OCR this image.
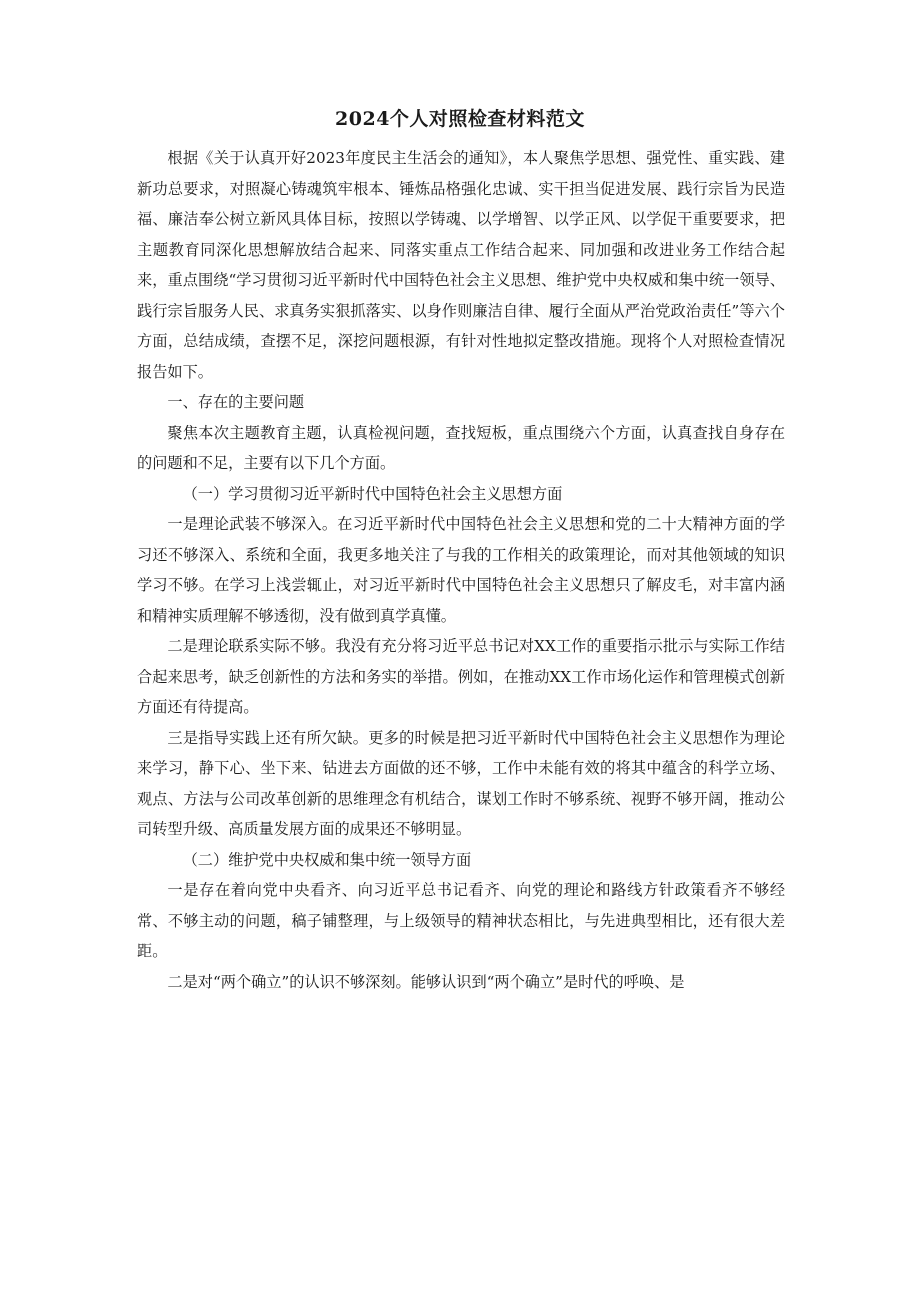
2024个人对照检查材料范文

根据《关于认真开好2023年度民主生活会的通知》，本人聚焦学思想、强党性、重实践、建新功总要求，对照凝心铸魂筑牢根本、锤炼品格强化忠诚、实干担当促进发展、践行宗旨为民造福、廉洁奉公树立新风具体目标，按照以学铸魂、以学增智、以学正风、以学促干重要要求，把主题教育同深化思想解放结合起来、同落实重点工作结合起来、同加强和改进业务工作结合起来，重点围绕“学习贯彻习近平新时代中国特色社会主义思想、维护党中央权威和集中统一领导、践行宗旨服务人民、求真务实狠抓落实、以身作则廉洁自律、履行全面从严治党政治责任”等六个方面，总结成绩，查摆不足，深挖问题根源，有针对性地拟定整改措施。现将个人对照检查情况报告如下。

一、存在的主要问题

聚焦本次主题教育主题，认真检视问题，查找短板，重点围绕六个方面，认真查找自身存在的问题和不足，主要有以下几个方面。

（一）学习贯彻习近平新时代中国特色社会主义思想方面

一是理论武装不够深入。在习近平新时代中国特色社会主义思想和党的二十大精神方面的学习还不够深入、系统和全面，我更多地关注了与我的工作相关的政策理论，而对其他领域的知识学习不够。在学习上浅尝辄止，对习近平新时代中国特色社会主义思想只了解皮毛，对丰富内涵和精神实质理解不够透彻，没有做到真学真懂。

二是理论联系实际不够。我没有充分将习近平总书记对XX工作的重要指示批示与实际工作结合起来思考，缺乏创新性的方法和务实的举措。例如，在推动XX工作市场化运作和管理模式创新方面还有待提高。

三是指导实践上还有所欠缺。更多的时候是把习近平新时代中国特色社会主义思想作为理论来学习，静下心、坐下来、钻进去方面做的还不够，工作中未能有效的将其中蕴含的科学立场、观点、方法与公司改革创新的思维理念有机结合，谋划工作时不够系统、视野不够开阔，推动公司转型升级、高质量发展方面的成果还不够明显。

（二）维护党中央权威和集中统一领导方面

一是存在着向党中央看齐、向习近平总书记看齐、向党的理论和路线方针政策看齐不够经常、不够主动的问题，稿子铺整理，与上级领导的精神状态相比，与先进典型相比，还有很大差距。

二是对“两个确立”的认识不够深刻。能够认识到“两个确立”是时代的呼唤、是
